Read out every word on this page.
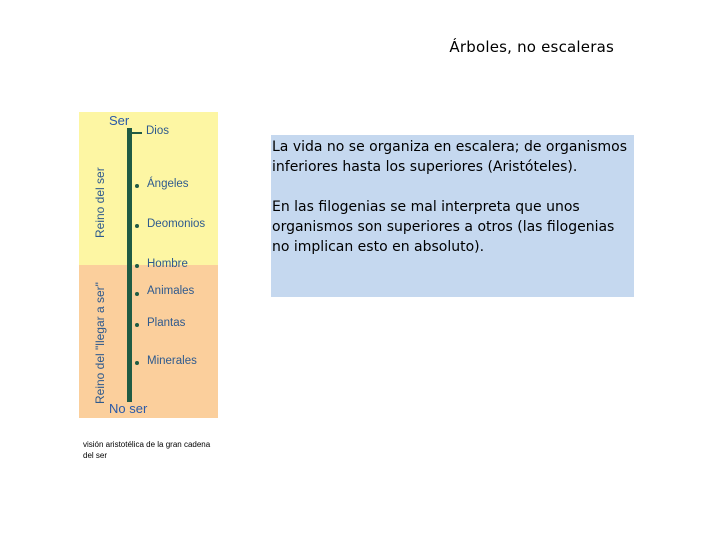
Árboles, no escaleras
Ser
No ser
Reino del ser
Reino del "llegar a ser"
Dios
Ángeles
Deomonios
Hombre
Animales
Plantas
Minerales
visión aristotélica de la gran cadena del ser

La vida no se organiza en escalera; de organismos inferiores hasta los superiores (Aristóteles).

En las filogenias se mal interpreta que unos organismos son superiores a otros (las filogenias no implican esto en absoluto).
